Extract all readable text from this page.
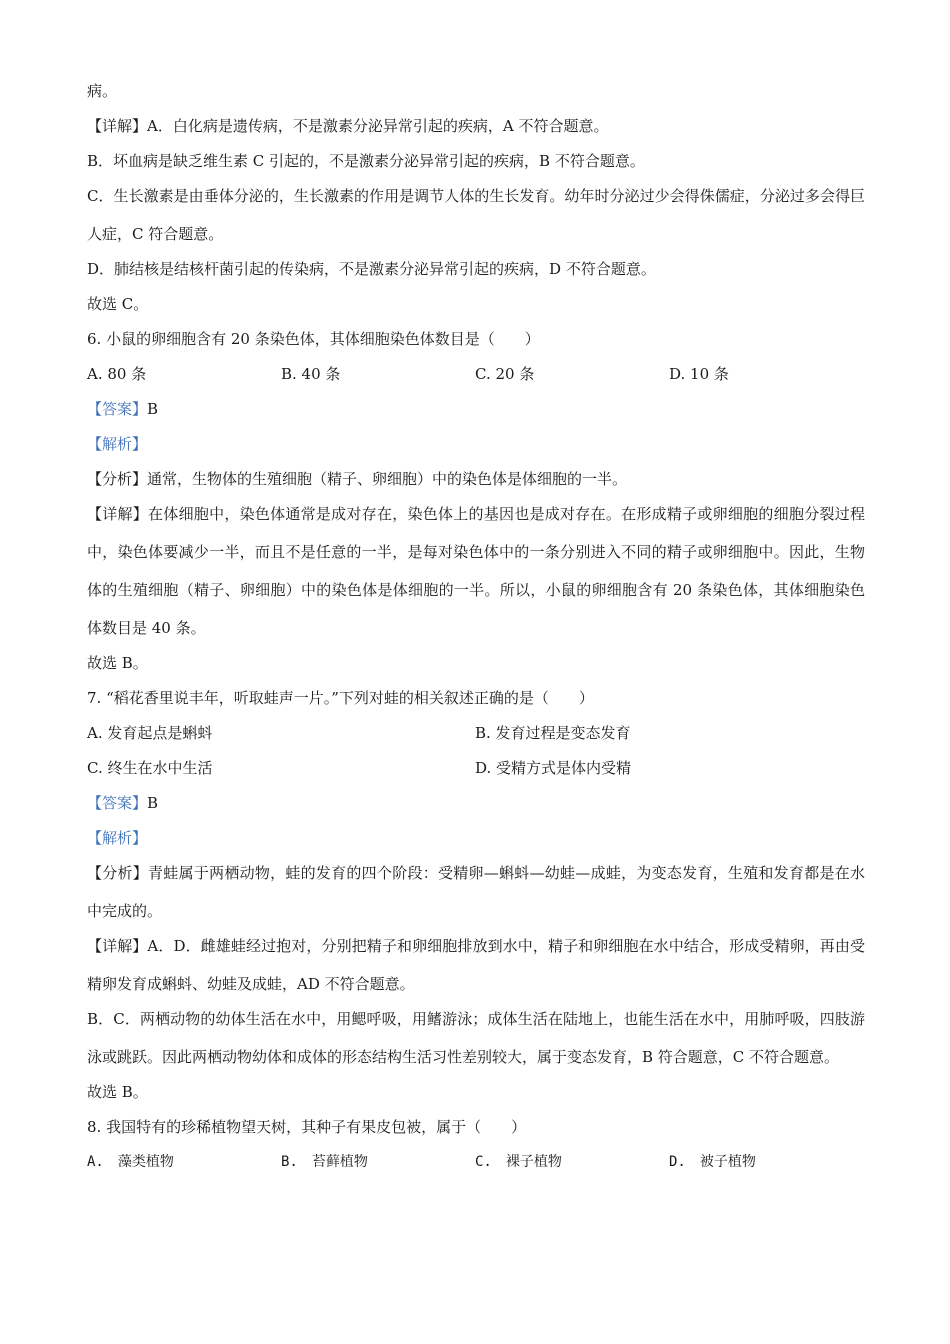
病。
【详解】A．白化病是遗传病，不是激素分泌异常引起的疾病，A 不符合题意。
B．坏血病是缺乏维生素 C 引起的，不是激素分泌异常引起的疾病，B 不符合题意。
C．生长激素是由垂体分泌的，生长激素的作用是调节人体的生长发育。幼年时分泌过少会得侏儒症，分泌过多会得巨人症，C 符合题意。
D．肺结核是结核杆菌引起的传染病，不是激素分泌异常引起的疾病，D 不符合题意。
故选 C。
6. 小鼠的卵细胞含有 20 条染色体，其体细胞染色体数目是（　　）
A. 80 条	B. 40 条	C. 20 条	D. 10 条
【答案】B
【解析】
【分析】通常，生物体的生殖细胞（精子、卵细胞）中的染色体是体细胞的一半。
【详解】在体细胞中，染色体通常是成对存在，染色体上的基因也是成对存在。在形成精子或卵细胞的细胞分裂过程中，染色体要减少一半，而且不是任意的一半，是每对染色体中的一条分别进入不同的精子或卵细胞中。因此，生物体的生殖细胞（精子、卵细胞）中的染色体是体细胞的一半。所以，小鼠的卵细胞含有 20 条染色体，其体细胞染色体数目是 40 条。
故选 B。
7. “稻花香里说丰年，听取蛙声一片。”下列对蛙的相关叙述正确的是（　　）
A. 发育起点是蝌蚪	B. 发育过程是变态发育
C. 终生在水中生活	D. 受精方式是体内受精
【答案】B
【解析】
【分析】青蛙属于两栖动物，蛙的发育的四个阶段：受精卵—蝌蚪—幼蛙—成蛙，为变态发育，生殖和发育都是在水中完成的。
【详解】A．D．雌雄蛙经过抱对，分别把精子和卵细胞排放到水中，精子和卵细胞在水中结合，形成受精卵，再由受精卵发育成蝌蚪、幼蛙及成蛙，AD 不符合题意。
B．C．两栖动物的幼体生活在水中，用鳃呼吸，用鳍游泳；成体生活在陆地上，也能生活在水中，用肺呼吸，四肢游泳或跳跃。因此两栖动物幼体和成体的形态结构生活习性差别较大，属于变态发育，B 符合题意，C 不符合题意。
故选 B。
8. 我国特有的珍稀植物望天树，其种子有果皮包被，属于（　　）
A.　藻类植物	B.　苔藓植物	C.　裸子植物	D.　被子植物
